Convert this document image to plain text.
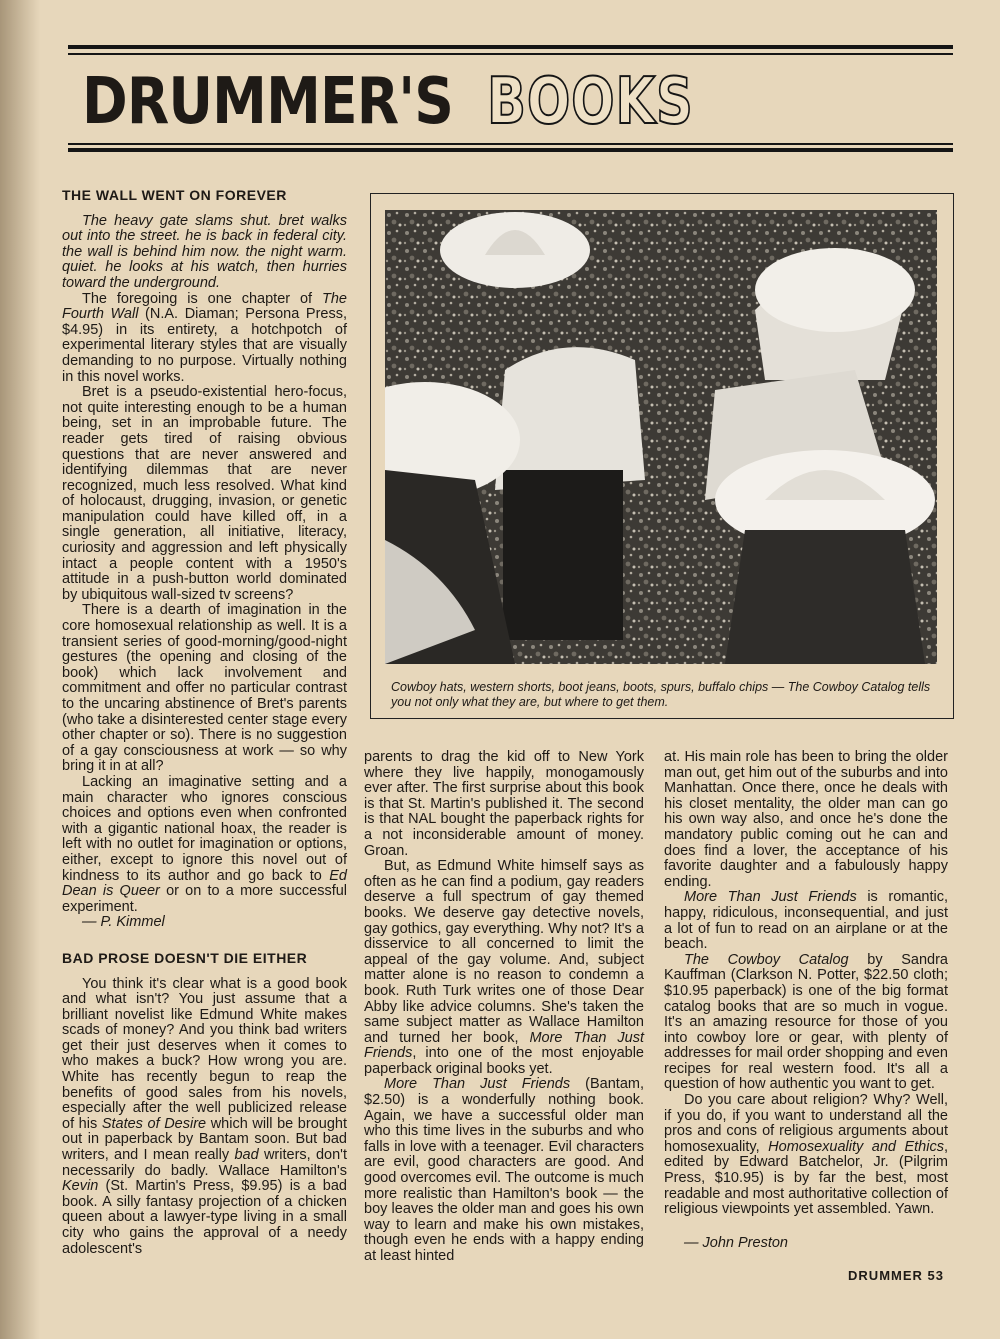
DRUMMER'S BOOKS
THE WALL WENT ON FOREVER

The heavy gate slams shut. bret walks out into the street. he is back in federal city. the wall is behind him now. the night warm. quiet. he looks at his watch, then hurries toward the underground.

The foregoing is one chapter of The Fourth Wall (N.A. Diaman; Persona Press, $4.95) in its entirety, a hotchpotch of experimental literary styles that are visually demanding to no purpose. Virtually nothing in this novel works.

Bret is a pseudo-existential hero-focus, not quite interesting enough to be a human being, set in an improbable future. The reader gets tired of raising obvious questions that are never answered and identifying dilemmas that are never recognized, much less resolved. What kind of holocaust, drugging, invasion, or genetic manipulation could have killed off, in a single generation, all initiative, literacy, curiosity and aggression and left physically intact a people content with a 1950's attitude in a push-button world dominated by ubiquitous wall-sized tv screens?

There is a dearth of imagination in the core homosexual relationship as well. It is a transient series of good-morning/good-night gestures (the opening and closing of the book) which lack involvement and commitment and offer no particular contrast to the uncaring abstinence of Bret's parents (who take a disinterested center stage every other chapter or so). There is no suggestion of a gay consciousness at work — so why bring it in at all?

Lacking an imaginative setting and a main character who ignores conscious choices and options even when confronted with a gigantic national hoax, the reader is left with no outlet for imagination or options, either, except to ignore this novel out of kindness to its author and go back to Ed Dean is Queer or on to a more successful experiment.

— P. Kimmel

BAD PROSE DOESN'T DIE EITHER

You think it's clear what is a good book and what isn't? You just assume that a brilliant novelist like Edmund White makes scads of money? And you think bad writers get their just deserves when it comes to who makes a buck? How wrong you are. White has recently begun to reap the benefits of good sales from his novels, especially after the well publicized release of his States of Desire which will be brought out in paperback by Bantam soon. But bad writers, and I mean really bad writers, don't necessarily do badly. Wallace Hamilton's Kevin (St. Martin's Press, $9.95) is a bad book. A silly fantasy projection of a chicken queen about a lawyer-type living in a small city who gains the approval of a needy adolescent's

Cowboy hats, western shorts, boot jeans, boots, spurs, buffalo chips — The Cowboy Catalog tells you not only what they are, but where to get them.

parents to drag the kid off to New York where they live happily, monogamously ever after. The first surprise about this book is that St. Martin's published it. The second is that NAL bought the paperback rights for a not inconsiderable amount of money. Groan.

But, as Edmund White himself says as often as he can find a podium, gay readers deserve a full spectrum of gay themed books. We deserve gay detective novels, gay gothics, gay everything. Why not? It's a disservice to all concerned to limit the appeal of the gay volume. And, subject matter alone is no reason to condemn a book. Ruth Turk writes one of those Dear Abby like advice columns. She's taken the same subject matter as Wallace Hamilton and turned her book, More Than Just Friends, into one of the most enjoyable paperback original books yet.

More Than Just Friends (Bantam, $2.50) is a wonderfully nothing book. Again, we have a successful older man who this time lives in the suburbs and who falls in love with a teenager. Evil characters are evil, good characters are good. And good overcomes evil. The outcome is much more realistic than Hamilton's book — the boy leaves the older man and goes his own way to learn and make his own mistakes, though even he ends with a happy ending at least hinted

at. His main role has been to bring the older man out, get him out of the suburbs and into Manhattan. Once there, once he deals with his closet mentality, the older man can go his own way also, and once he's done the mandatory public coming out he can and does find a lover, the acceptance of his favorite daughter and a fabulously happy ending.

More Than Just Friends is romantic, happy, ridiculous, inconsequential, and just a lot of fun to read on an airplane or at the beach.

The Cowboy Catalog by Sandra Kauffman (Clarkson N. Potter, $22.50 cloth; $10.95 paperback) is one of the big format catalog books that are so much in vogue. It's an amazing resource for those of you into cowboy lore or gear, with plenty of addresses for mail order shopping and even recipes for real western food. It's all a question of how authentic you want to get.

Do you care about religion? Why? Well, if you do, if you want to understand all the pros and cons of religious arguments about homosexuality, Homosexuality and Ethics, edited by Edward Batchelor, Jr. (Pilgrim Press, $10.95) is by far the best, most readable and most authoritative collection of religious viewpoints yet assembled. Yawn.

— John Preston

DRUMMER 53
